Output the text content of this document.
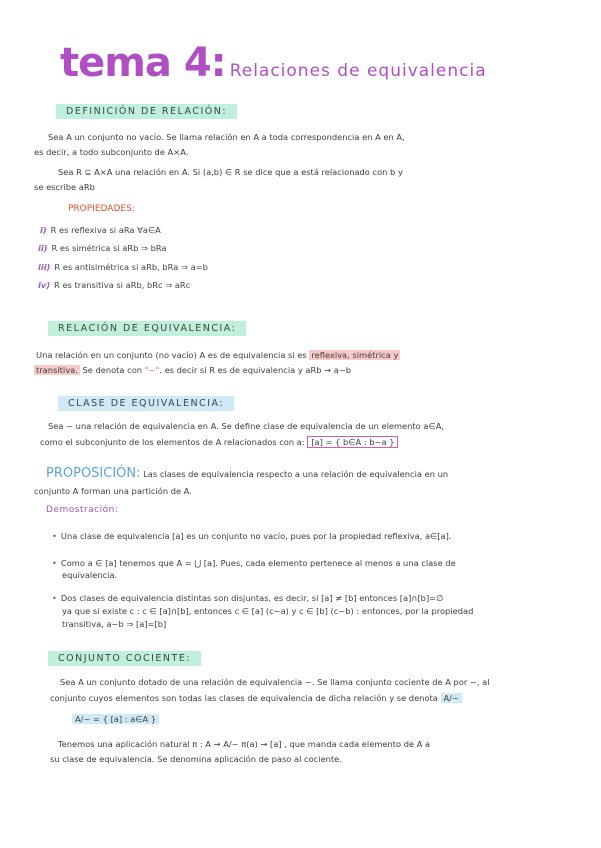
tema 4: Relaciones de equivalencia
DEFINICIÓN DE RELACIÓN:
Sea A un conjunto no vacío. Se llama relación en A a toda correspondencia en A en A,
es decir, a todo subconjunto de A×A.
Sea R ⊆ A×A una relación en A. Si (a,b) ∈ R se dice que a está relacionado con b y
se escribe aRb
PROPIEDADES:
i) R es reflexiva si aRa ∀a∈A
ii) R es simétrica si aRb ⇒ bRa
iii) R es antisimétrica si aRb, bRa ⇒ a=b
iv) R es transitiva si aRb, bRc ⇒ aRc
RELACIÓN DE EQUIVALENCIA:
Una relación en un conjunto (no vacío) A es de equivalencia si es reflexiva, simétrica y
transitiva. Se denota con "~". es decir si R es de equivalencia y aRb → a~b
CLASE DE EQUIVALENCIA:
Sea ~ una relación de equivalencia en A. Se define clase de equivalencia de un elemento a∈A,
como el subconjunto de los elementos de A relacionados con a: [a] = { b∈A : b~a }
PROPOSICIÓN: Las clases de equivalencia respecto a una relación de equivalencia en un
conjunto A forman una partición de A.
Demostración:
• Una clase de equivalencia [a] es un conjunto no vacío, pues por la propiedad reflexiva, a∈[a].
• Como a ∈ [a] tenemos que A = ⋃ [a]. Pues, cada elemento pertenece al menos a una clase de
equivalencia.
• Dos clases de equivalencia distintas son disjuntas, es decir, si [a] ≠ [b] entonces [a]∩[b]=∅
ya que si existe c : c ∈ [a]∩[b], entonces c ∈ [a] (c~a) y c ∈ [b] (c~b) : entonces, por la propiedad
transitiva, a~b ⇒ [a]=[b]
CONJUNTO COCIENTE:
Sea A un conjunto dotado de una relación de equivalencia ~. Se llama conjunto cociente de A por ~, al
conjunto cuyos elementos son todas las clases de equivalencia de dicha relación y se denota A/~
A/~ = { [a] : a∈A }
Tenemos una aplicación natural π : A → A/~ π(a) → [a] , que manda cada elemento de A a
su clase de equivalencia. Se denomina aplicación de paso al cociente.
